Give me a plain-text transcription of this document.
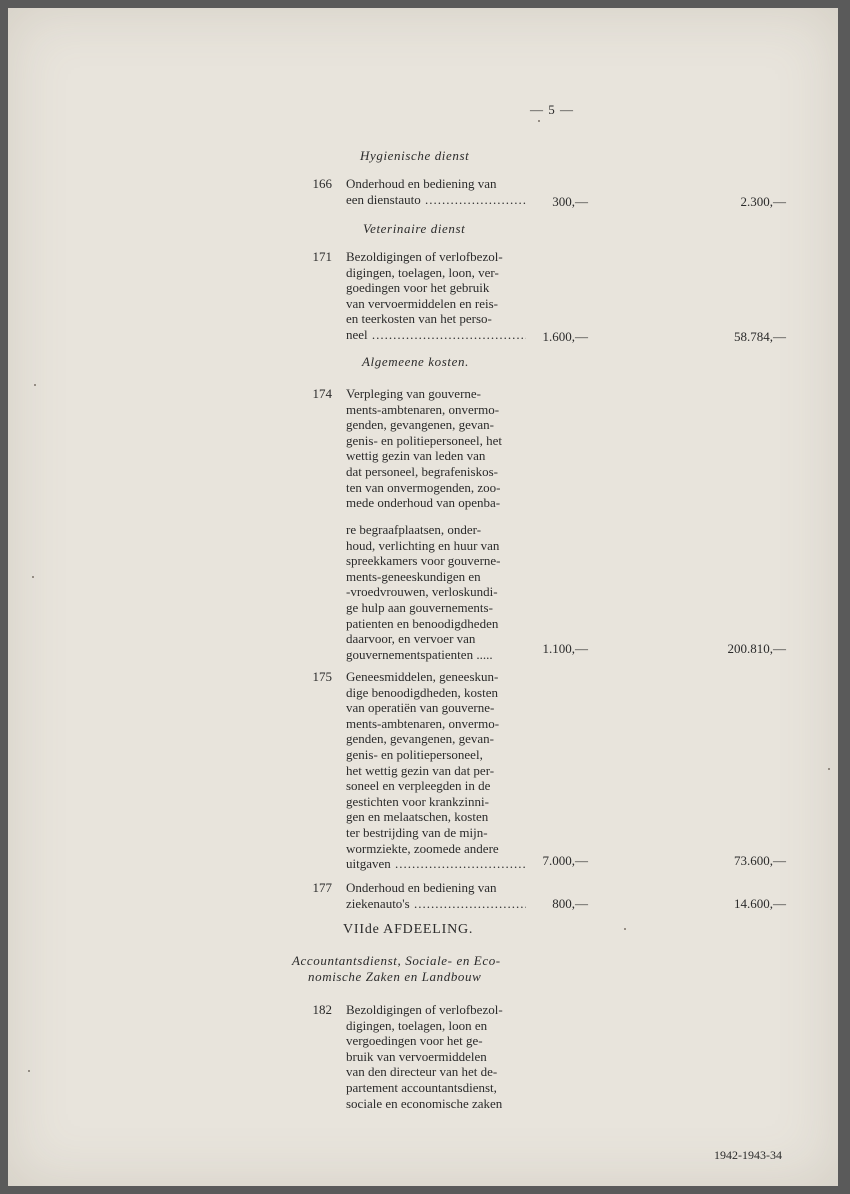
— 5 —
Hygienische dienst
166 Onderhoud en bediening van
een dienstauto .....	300,—	2.300,—
Veterinaire dienst
171 Bezoldigingen of verlofbezol-
digingen, toelagen, loon, ver-
goedingen voor het gebruik
van vervoermiddelen en reis-
en teerkosten van het perso-
neel .....	1.600,—	58.784,—
Algemeene kosten.
174 Verpleging van gouverne-
ments-ambtenaren, onvermo-
genden, gevangenen, gevan-
genis- en politiepersoneel, het
wettig gezin van leden van
dat personeel, begrafeniskos-
ten van onvermogenden, zoo-
mede onderhoud van openba-
re begraafplaatsen, onder-
houd, verlichting en huur van
spreekkamers voor gouverne-
ments-geneeskundigen en
-vroedvrouwen, verloskundi-
ge hulp aan gouvernements-
patienten en benoodigdheden
daarvoor, en vervoer van
gouvernementspatienten .....	1.100,—	200.810,—
175 Geneesmiddelen, geneeskun-
dige benoodigdheden, kosten
van operatiën van gouverne-
ments-ambtenaren, onvermo-
genden, gevangenen, gevan-
genis- en politiepersoneel,
het wettig gezin van dat per-
soneel en verpleegden in de
gestichten voor krankzinni-
gen en melaatschen, kosten
ter bestrijding van de mijn-
wormziekte, zoomede andere
uitgaven .....	7.000,—	73.600,—
177 Onderhoud en bediening van
ziekenauto's .....	800,—	14.600,—
VIIde AFDEELING.
Accountantsdienst, Sociale- en Eco-
nomische Zaken en Landbouw
182 Bezoldigingen of verlofbezol-
digingen, toelagen, loon en
vergoedingen voor het ge-
bruik van vervoermiddelen
van den directeur van het de-
partement accountantsdienst,
sociale en economische zaken
1942-1943-34
